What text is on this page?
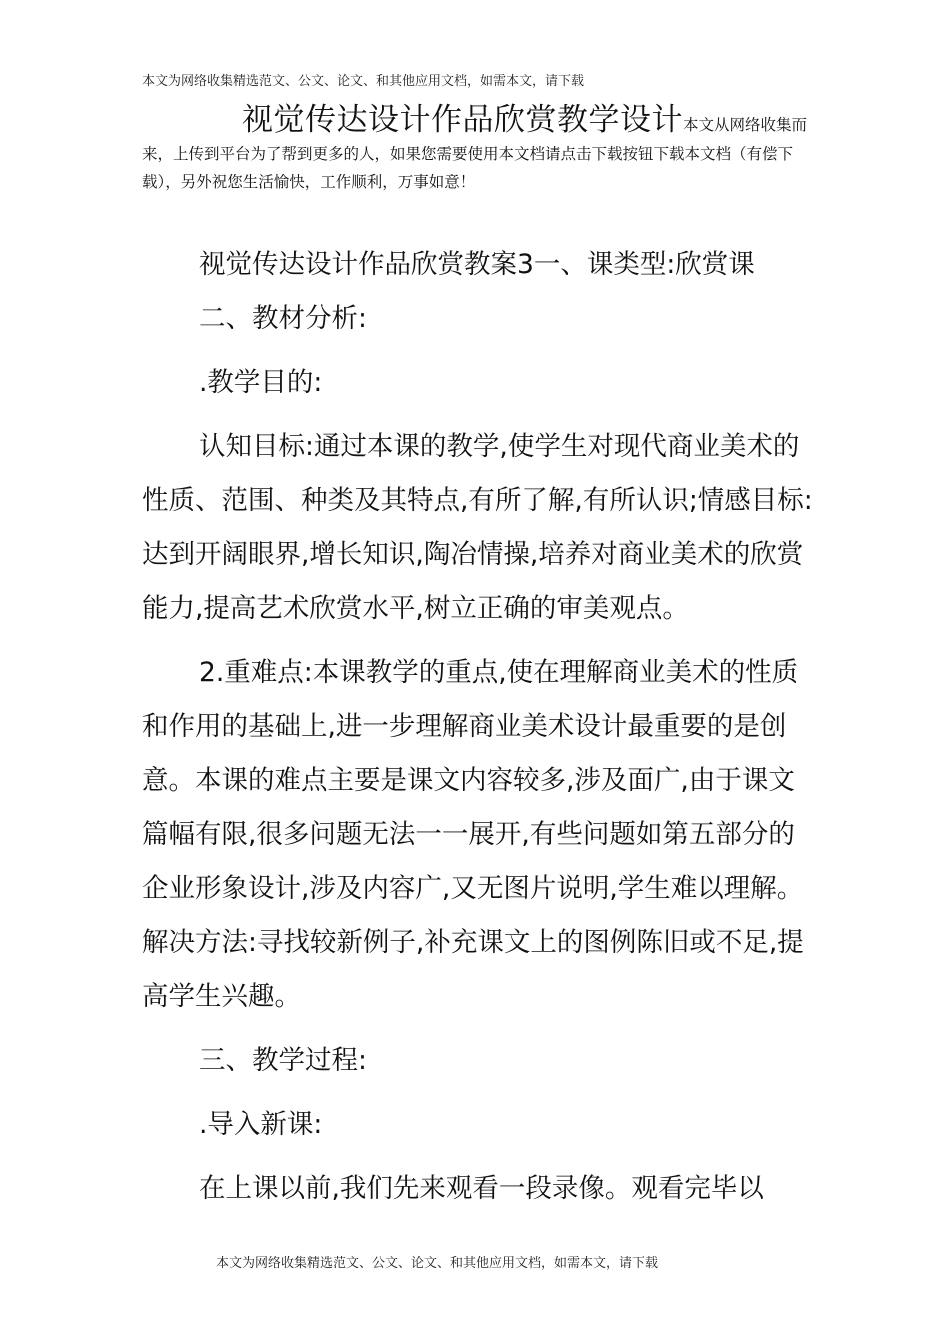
本文为网络收集精选范文、公文、论文、和其他应用文档，如需本文，请下载
视觉传达设计作品欣赏教学设计本文从网络收集而来，上传到平台为了帮到更多的人，如果您需要使用本文档请点击下载按钮下载本文档（有偿下载），另外祝您生活愉快，工作顺利，万事如意！

视觉传达设计作品欣赏教案3一、课类型:欣赏课

二、教材分析:

.教学目的:

认知目标:通过本课的教学,使学生对现代商业美术的性质、范围、种类及其特点,有所了解,有所认识;情感目标:达到开阔眼界,增长知识,陶冶情操,培养对商业美术的欣赏能力,提高艺术欣赏水平,树立正确的审美观点。

2.重难点:本课教学的重点,使在理解商业美术的性质和作用的基础上,进一步理解商业美术设计最重要的是创意。本课的难点主要是课文内容较多,涉及面广,由于课文篇幅有限,很多问题无法一一展开,有些问题如第五部分的企业形象设计,涉及内容广,又无图片说明,学生难以理解。解决方法:寻找较新例子,补充课文上的图例陈旧或不足,提高学生兴趣。

三、教学过程:

.导入新课:

在上课以前,我们先来观看一段录像。观看完毕以

本文为网络收集精选范文、公文、论文、和其他应用文档，如需本文，请下载
